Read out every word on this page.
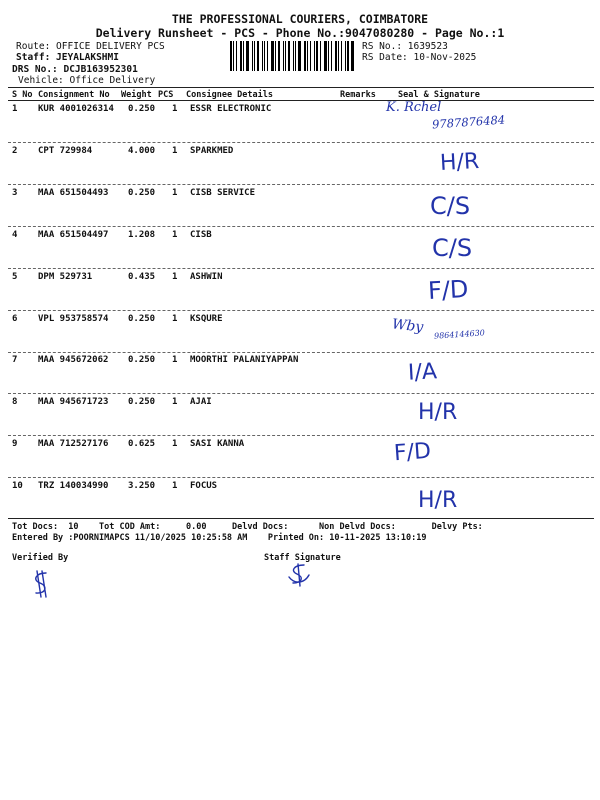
THE PROFESSIONAL COURIERS, COIMBATORE
Delivery Runsheet - PCS - Phone No.:9047080280 - Page No.:1
Route: OFFICE DELIVERY PCS
Staff: JEYALAKSHMI
DRS No.: DCJB163952301
Vehicle: Office Delivery
RS No.: 1639523
RS Date: 10-Nov-2025
S No Consignment No Weight PCS Consignee Details	Remarks	Seal & Signature
1 KUR 4001026314 0.250 1 ESSR ELECTRONIC	K. Rchel
9787876484
2 CPT 729984	4.000 1 SPARKMED	H/R
3 MAA 651504493 0.250 1 CISB SERVICE	C/S
4 MAA 651504497 1.208 1 CISB	C/S
5 DPM 529731	0.435 1 ASHWIN	F/D
6 VPL 953758574 0.250 1 KSQURE	Wby 9864144630
7 MAA 945672062 0.250 1 MOORTHI PALANIYAPPAN	I/A
8 MAA 945671723 0.250 1 AJAI	H/R
9 MAA 712527176 0.625 1 SASI KANNA	F/D
10 TRZ 140034990 3.250 1 FOCUS
H/R
Tot Docs:  10    Tot COD Amt:     0.00     Delvd Docs:      Non Delvd Docs:       Delvy Pts:
Entered By :POORNIMAPCS 11/10/2025 10:25:58 AM    Printed On: 10-11-2025 13:10:19
Verified By	Staff Signature
